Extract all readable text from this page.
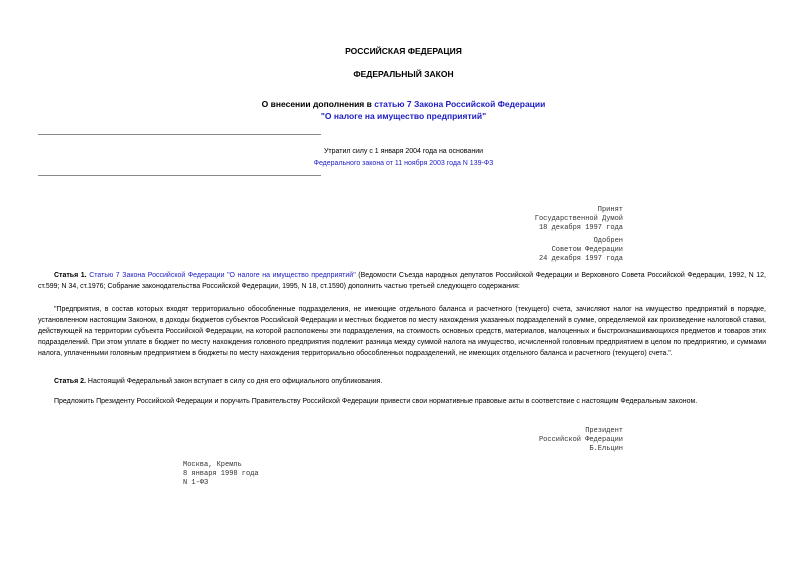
РОССИЙСКАЯ ФЕДЕРАЦИЯ
ФЕДЕРАЛЬНЫЙ ЗАКОН
О внесении дополнения в статью 7 Закона Российской Федерации
"О налоге на имущество предприятий"
Утратил силу с 1 января 2004 года на основании
Федерального закона от 11 ноября 2003 года N 139-ФЗ
Принят
Государственной Думой
18 декабря 1997 года
Одобрен
Советом Федерации
24 декабря 1997 года
Статья 1. Статью 7 Закона Российской Федерации "О налоге на имущество предприятий" (Ведомости Съезда народных депутатов Российской Федерации и Верховного Совета Российской Федерации, 1992, N 12, ст.599; N 34, ст.1976; Собрание законодательства Российской Федерации, 1995, N 18, ст.1590) дополнить частью третьей следующего содержания:
"Предприятия, в состав которых входят территориально обособленные подразделения, не имеющие отдельного баланса и расчетного (текущего) счета, зачисляют налог на имущество предприятий в порядке, установленном настоящим Законом, в доходы бюджетов субъектов Российской Федерации и местных бюджетов по месту нахождения указанных подразделений в сумме, определяемой как произведение налоговой ставки, действующей на территории субъекта Российской Федерации, на которой расположены эти подразделения, на стоимость основных средств, материалов, малоценных и быстроизнашивающихся предметов и товаров этих подразделений. При этом уплате в бюджет по месту нахождения головного предприятия подлежит разница между суммой налога на имущество, исчисленной головным предприятием в целом по предприятию, и суммами налога, уплаченными головным предприятием в бюджеты по месту нахождения территориально обособленных подразделений, не имеющих отдельного баланса и расчетного (текущего) счета.".
Статья 2. Настоящий Федеральный закон вступает в силу со дня его официального опубликования.
Предложить Президенту Российской Федерации и поручить Правительству Российской Федерации привести свои нормативные правовые акты в соответствие с настоящим Федеральным законом.
Президент
Российской Федерации
Б.Ельцин
Москва, Кремль
8 января 1998 года
N 1-ФЗ
